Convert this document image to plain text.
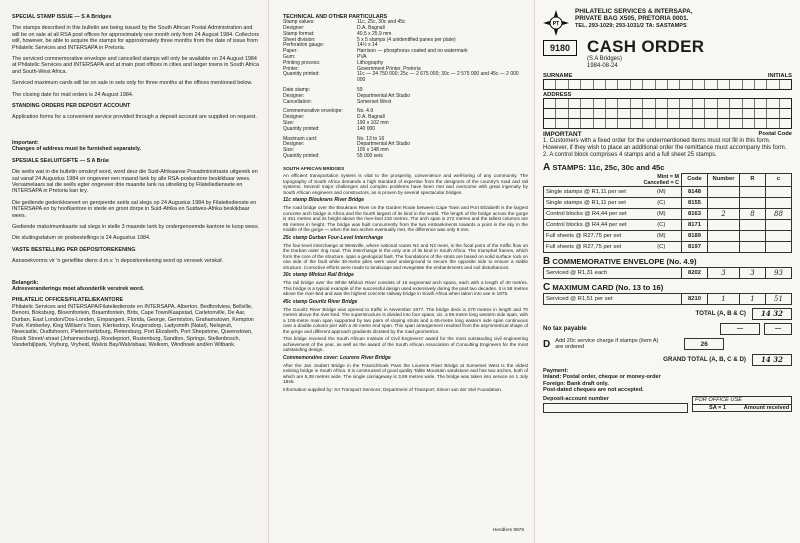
SPECIAL STAMP ISSUE — S A Bridges

The stamps described in this bulletin are being issued by the South African Postal Administration and will be on sale at all RSA post offices for approximately one month only from 24 August 1984. Collectors will, however, be able to acquire the stamps for approximately three months from the date of issue from Philatelic Services and INTERSAPA in Pretoria.

The serviced commemorative envelope and cancelled stamps will only be available on 24 August 1984 at Philatelic Services and INTERSAPA and at main post offices in cities and larger towns in South Africa and South-West Africa.

Serviced maximum cards will be on sale in sets only for three months at the offices mentioned below.

The closing date for mail orders is 24 August 1984.

STANDING ORDERS PER DEPOSIT ACCOUNT

Application forms for a convenient service provided through a deposit account are supplied on request.

Important:

Changes of address must be furnished separately.

SPESIALE SEëLUITGIFTE — S A Brûe

Die seëls wat in die bulletin omskryf word, word deur die Suid-Afrikaanse Posadministrasie uitgereik en sal vanaf 24 Augustus 1984 vir ongeveer een maand lank by alle RSA-poskantore beskikbaar wees. Versamelaars sal die seëls egter ongeveer drie maande lank na uitreiking by Filateliediensete en INTERSAPA in Pretoria kan kry.

Die gediende gedenkkoevert en gerojeerde seëls sal slegs op 24 Augustus 1984 by Filateliedienste en INTERSAPA en by hoofkantore in stede en groot dorpe in Suid-Afrika en Suidwes-Afrika beskikbaar wees.

Gediende maksimumkaarte sal slegs in stelle 3 maande lank by ondergenoemde kantore te koop wees.

Die sluitingsdatum vir posbestellings is 24 Augustus 1984.

VASTE BESTELLING PER DEPOSITOREKENING

Aansoekvorms vir 'n gerieflike diens d.m.v. 'n depositorekening word op versoek verskaf.

Belangrik:

Adresveranderings moet afsonderlik verstrek word.

PHILATELIC OFFICES/FILATELIEKANTORE

Philatelic Services and INTERSAPA/Filateliedienste en INTERSAPA. Alberton, Bedfordview, Bellville, Benoni, Boksburg, Bloemfontein, Braamfontein, Brits, Cape Town/Kaapstad, Carletonville, De Aar, Durban, East London/Oos-Londen, Empangeni, Florida, George, Germiston, Grahamstown, Kempton Park, Kimberley, King William's Town, Klerksdorp, Krugersdorp, Ladysmith (Natal), Nelspruit, Newcastle, Oudtshoorn, Pietermaritzburg, Pietersburg, Port Elizabeth, Port Shepstone, Queenstown, Rissik Street/-straat (Johannesburg), Roodepoort, Rustenburg, Sandton, Springs, Stellenbosch, Vanderbijlpark, Vryburg, Vryheid, Walvis Bay/Walvisbaai, Welkom, Windhoek and/en Witbank.

TECHNICAL AND OTHER PARTICULARS

Stamp values:	11c, 25c, 30c and 45c
Designer:	D.A. Bagnall
Stamp format:	40,5 x 25,9 mm
Sheet division:	5 x 5 stamps (4 unidentified panes per plate)
Perforation gauge:	14½ x 14
Paper:	Harrison — phosphorus coated and no watermark
Gum:	PVA
Printing process:	Lithography
Printer:	Government Printer, Pretoria
Quantity printed:	11c — 24 750 000; 25c — 2 675 000; 30c — 2 575 000 and 45c — 2 000 000
Date stamp:	59
Designer:	Departmental Art Studio
Cancellation:	Somerset West
Commemorative envelope:	No. 4.9
Designer:	D.A. Bagnall
Size:	190 x 102 mm
Quantity printed:	140 000
Maximum card:	No. 13 to 16
Designer:	Departmental Art Studio
Size:	105 x 148 mm
Quantity printed:	55 000 sets

SOUTH AFRICAN BRIDGES

An efficient transportation system is vital to the prosperity, convenience and well-being of any community. The topography of South Africa demands a high standard of expertise from the designers of the country's road and rail systems. Several major challenges and complex problems have been met and overcome with great ingenuity by South African engineers and constructors, as is proven by several spectacular bridges.

11c stamp Bloukrans River Bridge

The road bridge over the Bloukrans River on the Garden Route between Cape Town and Port Elizabeth is the largest concrete arch bridge in Africa and the fourth largest of its kind in the world. The length of the bridge across the gorge is 451 metres and its height above the river-bed 216 metres. The arch span is 272 metres and the tallest columns are 65 metres in height. The bridge was built concurrently from the two embankments towards a point in the sky in the middle of the gorge — when the two arches eventually met, the difference was only 8 mm.

25c stamp Durban Four-Level Interchange

The four-level interchange at Westville, where national routes N2 and N3 meet, is the focal point of the traffic flow on the Durban outer ring road. This interchange is the only one of its kind in South Africa. The triumphal frames, which form the core of the structure, span a geological fault. The foundations of the struts are based on solid surface rock on one side of the fault while 30-metre piles were used underground to secure the opposite side to ensure a stable structure. Corrective efforts were made to landscape and revegetate the embankments and soil disturbances.

30c stamp Mfolozi Rail Bridge

The rail bridge over the White Mfolozi River consists of 16 segmental arch spans, each with a length of 40 metres. This bridge is a typical example of the successful design used extensively during the past two decades. It is 58 metres above the river-bed and was the highest concrete railway bridge in South Africa when taken into use in 1975.

45c stamp Gouritz River Bridge

The Gouritz River Bridge was opened to traffic in November 1977. The bridge deck is 270 metres in length and 70 metres above the river-bed. The superstructure is divided into four spans, viz. a 55-metre long western side span, with a 105-metre main span supported by two pairs of sloping struts and a 65-metre long eastern side span continuous over a double column pier with a 45 metre end span. This span arrangement resulted from the asymmetrical shape of the gorge and different approach gradients dictated by the road geometrics.

This bridge received the South African Institute of Civil Engineers' award for the most outstanding civil engineering achievement of the year, as well as the award of the South African Association of Consulting Engineers for the most outstanding design.

Commemorative cover: Lourens River Bridge

After the Jan Joubert Bridge in the Franschhoek Pass the Lourens River Bridge at Somerset West is the oldest existing bridge in South Africa. It is constructed of good quality Table Mountain sandstone and has two arches, both of which are 5,38 metres wide. The single carriageway is 3,69 metres wide. The bridge was taken into service on 1 July 1845.

Information supplied by: SA Transport Services; Department of Transport; Simon van der Stel Foundation.

Hendlers 9978
PT
PHILATELIC SERVICES & INTERSAPA,
PRIVATE BAG X505, PRETORIA 0001.
TEL. 293-1029; 293-1031/2 TA: SASTAMPS
9180 CASH ORDER
(S A Bridges)
1984-08-24
SURNAME	INITIALS
ADDRESS
IMPORTANT	Postal Code

1. Customers with a fixed order for the undermentioned items must not fill in this form. However, if they wish to place an additional order the remittance must accompany this form.

2. A control block comprises 4 stamps and a full sheet 25 stamps.

A STAMPS: 11c, 25c, 30c and 45c
	Mint = M
Cancelled = C	Code	Number	R	c
Single stamps @ R1,11 per set	(M)	8148			
Single stamps @ R1,11 per set	(C)	8155			
Control blocks @ R4,44 per set	(M)	8163	2	8	88
Control blocks @ R4,44 per set	(C)	8171			
Full sheets @ R27,75 per set	(M)	8189			
Full sheets @ R27,75 per set	(C)	8197			
B COMMEMORATIVE ENVELOPE (No. 4.9)
Serviced @ R1,31 each	8202	3	3	93
C MAXIMUM CARD (No. 13 to 16)
Serviced @ R1,51 per set	8210	1	1	51
TOTAL (A, B & C)	14 32
No tax payable	—	—
D Add 20c service charge if stamps (item A) are ordered	26
GRAND TOTAL (A, B, C & D)	14 32
Payment:
Inland: Postal order, cheque or money-order
Foreign: Bank draft only.
Post-dated cheques are not accepted.
Deposit-account number	FOR OFFICE USE
SA = 1	Amount received
